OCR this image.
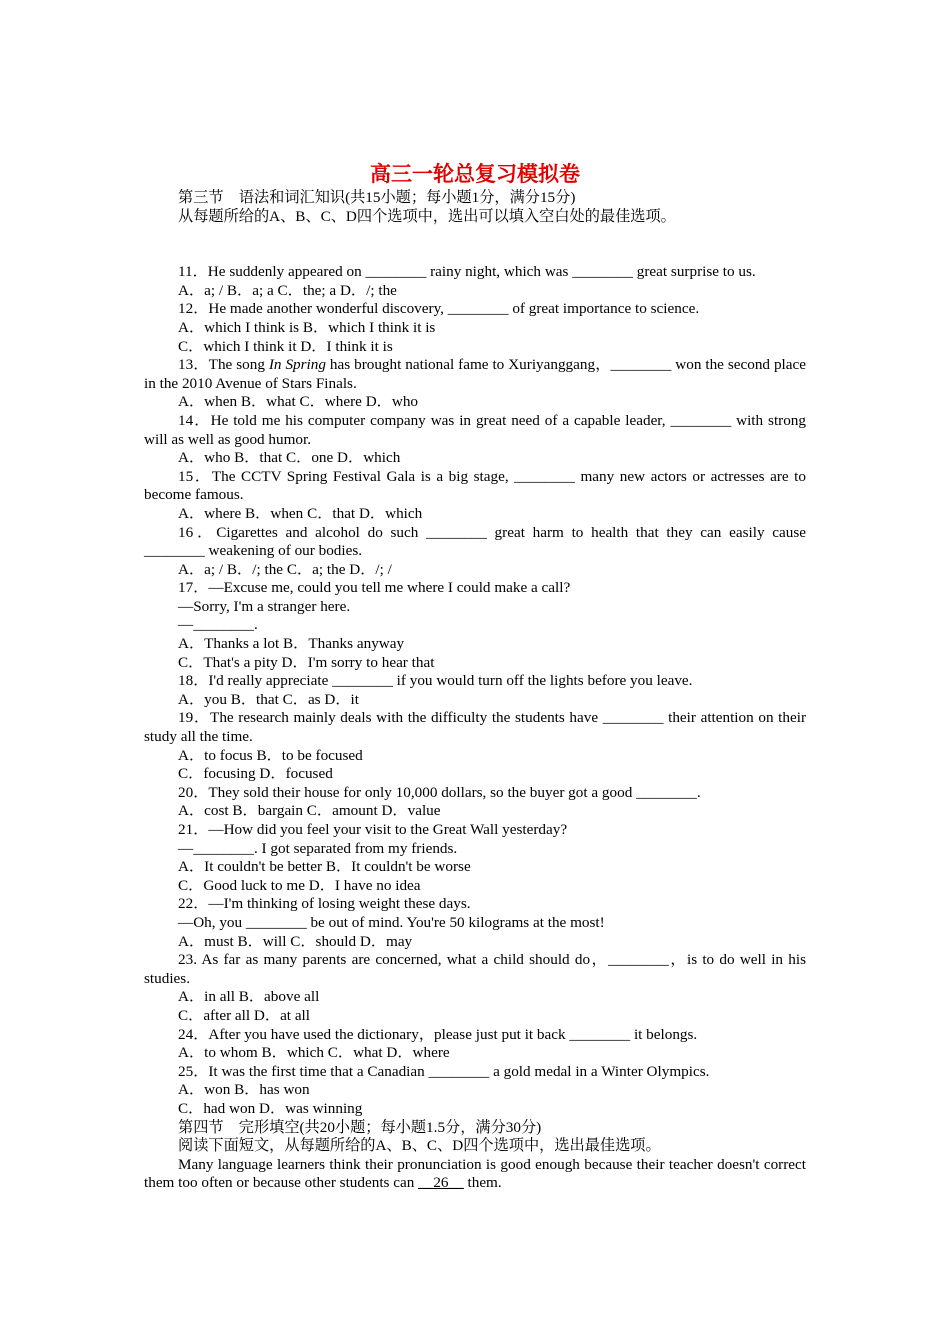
高三一轮总复习模拟卷

第三节　语法和词汇知识(共15小题；每小题1分，满分15分)

从每题所给的A、B、C、D四个选项中，选出可以填入空白处的最佳选项。

11．He suddenly appeared on ________ rainy night, which was ________ great surprise to us.

A．a; / B．a; a C．the; a D．/; the

12．He made another wonderful discovery, ________ of great importance to science.

A．which I think is B．which I think it is

C．which I think it D．I think it is

13．The song In Spring has brought national fame to Xuriyanggang，________ won the second place in the 2010 Avenue of Stars Finals.

A．when B．what C．where D．who

14．He told me his computer company was in great need of a capable leader, ________ with strong will as well as good humor.

A．who B．that C．one D．which

15．The CCTV Spring Festival Gala is a big stage, ________ many new actors or actresses are to become famous.

A．where B．when C．that D．which

16．Cigarettes and alcohol do such ________ great harm to health that they can easily cause ________ weakening of our bodies.

A．a; / B．/; the C．a; the D．/; /

17．—Excuse me, could you tell me where I could make a call?

—Sorry, I'm a stranger here.

—________.

A．Thanks a lot B．Thanks anyway

C．That's a pity D．I'm sorry to hear that

18．I'd really appreciate ________ if you would turn off the lights before you leave.

A．you B．that C．as D．it

19．The research mainly deals with the difficulty the students have ________ their attention on their study all the time.

A．to focus B．to be focused

C．focusing D．focused

20．They sold their house for only 10,000 dollars, so the buyer got a good ________.

A．cost B．bargain C．amount D．value

21．—How did you feel your visit to the Great Wall yesterday?

—________. I got separated from my friends.

A．It couldn't be better B．It couldn't be worse

C．Good luck to me D．I have no idea

22．—I'm thinking of losing weight these days.

—Oh, you ________ be out of mind. You're 50 kilograms at the most!

A．must B．will C．should D．may

23. As far as many parents are concerned, what a child should do，________，is to do well in his studies.

A．in all B．above all

C．after all D．at all

24．After you have used the dictionary，please just put it back ________ it belongs.

A．to whom B．which C．what D．where

25．It was the first time that a Canadian ________ a gold medal in a Winter Olympics.

A．won B．has won

C．had won D．was winning

第四节　完形填空(共20小题；每小题1.5分，满分30分)

阅读下面短文，从每题所给的A、B、C、D四个选项中，选出最佳选项。

Many language learners think their pronunciation is good enough because their teacher doesn't correct them too often or because other students can __26__ them.
